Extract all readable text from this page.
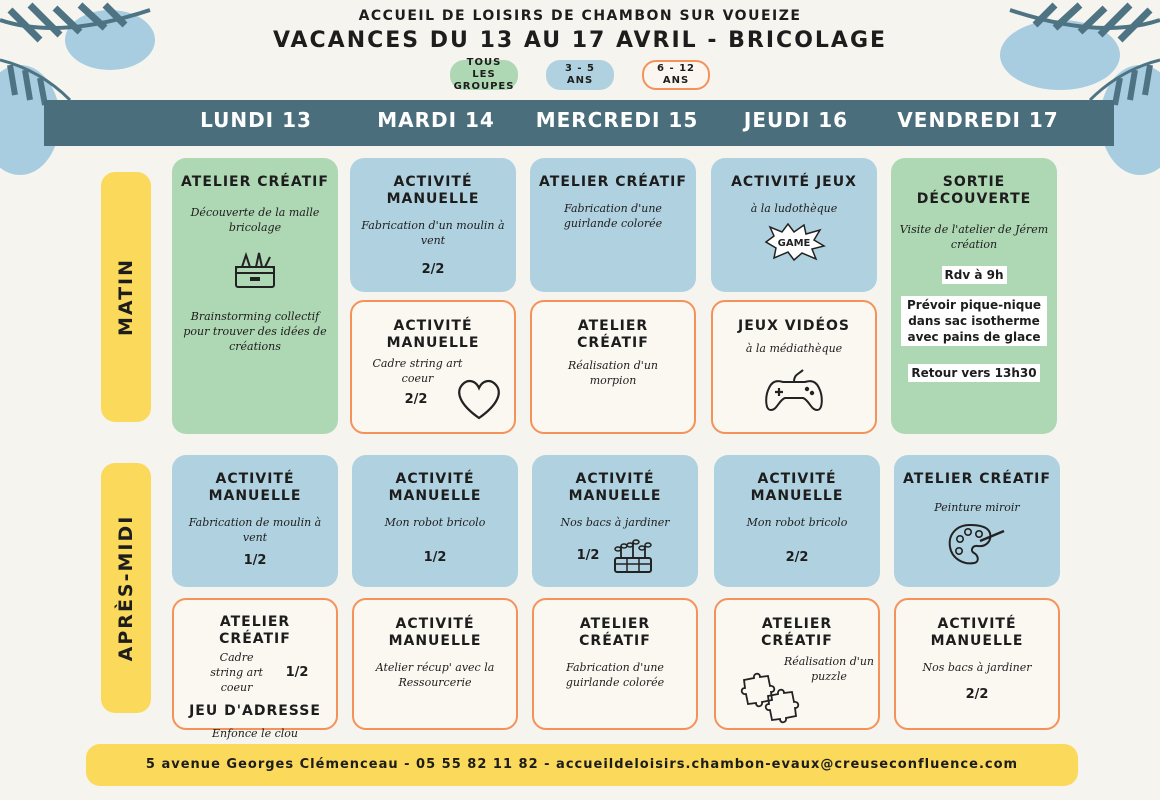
ACCUEIL DE LOISIRS DE CHAMBON SUR VOUEIZE
VACANCES DU 13 AU 17 AVRIL - BRICOLAGE
TOUS LES GROUPES
3 - 5 ANS
6 - 12 ANS
LUNDI 13	MARDI 14	MERCREDI 15	JEUDI 16	VENDREDI 17
MATIN
APRÈS-MIDI
ATELIER CRÉATIF
Découverte de la malle bricolage
Brainstorming collectif pour trouver des idées de créations
ACTIVITÉ MANUELLE
Fabrication d'un moulin à vent
2/2
ACTIVITÉ MANUELLE
Cadre string art coeur
2/2
ATELIER CRÉATIF
Fabrication d'une guirlande colorée
ATELIER CRÉATIF
Réalisation d'un morpion
ACTIVITÉ JEUX
à la ludothèque
GAME
JEUX VIDÉOS
à la médiathèque
SORTIE DÉCOUVERTE
Visite de l'atelier de Jérem création
Rdv à 9h
Prévoir pique-nique dans sac isotherme avec pains de glace
Retour vers 13h30
ACTIVITÉ MANUELLE
Fabrication de moulin à vent
1/2
ATELIER CRÉATIF
Cadre string art coeur
1/2
JEU D'ADRESSE
Enfonce le clou
ACTIVITÉ MANUELLE
Mon robot bricolo
1/2
ACTIVITÉ MANUELLE
Atelier récup' avec la Ressourcerie
ACTIVITÉ MANUELLE
Nos bacs à jardiner
1/2
ATELIER CRÉATIF
Fabrication d'une guirlande colorée
ACTIVITÉ MANUELLE
Mon robot bricolo
2/2
ATELIER CRÉATIF
Réalisation d'un puzzle
ATELIER CRÉATIF
Peinture miroir
ACTIVITÉ MANUELLE
Nos bacs à jardiner
2/2
5 avenue Georges Clémenceau - 05 55 82 11 82 - accueildeloisirs.chambon-evaux@creuseconfluence.com
